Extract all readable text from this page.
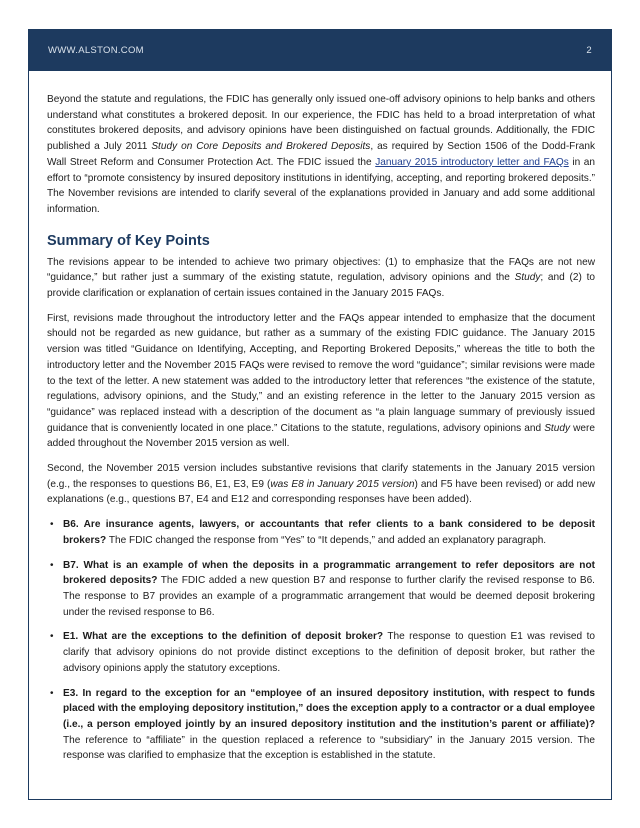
WWW.ALSTON.COM	2

Beyond the statute and regulations, the FDIC has generally only issued one-off advisory opinions to help banks and others understand what constitutes a brokered deposit. In our experience, the FDIC has held to a broad interpretation of what constitutes brokered deposits, and advisory opinions have been distinguished on factual grounds. Additionally, the FDIC published a July 2011 Study on Core Deposits and Brokered Deposits, as required by Section 1506 of the Dodd-Frank Wall Street Reform and Consumer Protection Act. The FDIC issued the January 2015 introductory letter and FAQs in an effort to “promote consistency by insured depository institutions in identifying, accepting, and reporting brokered deposits.” The November revisions are intended to clarify several of the explanations provided in January and add some additional information.

Summary of Key Points

The revisions appear to be intended to achieve two primary objectives: (1) to emphasize that the FAQs are not new “guidance,” but rather just a summary of the existing statute, regulation, advisory opinions and the Study; and (2) to provide clarification or explanation of certain issues contained in the January 2015 FAQs.

First, revisions made throughout the introductory letter and the FAQs appear intended to emphasize that the document should not be regarded as new guidance, but rather as a summary of the existing FDIC guidance. The January 2015 version was titled “Guidance on Identifying, Accepting, and Reporting Brokered Deposits,” whereas the title to both the introductory letter and the November 2015 FAQs were revised to remove the word “guidance”; similar revisions were made to the text of the letter. A new statement was added to the introductory letter that references “the existence of the statute, regulations, advisory opinions, and the Study,” and an existing reference in the letter to the January 2015 version as “guidance” was replaced instead with a description of the document as “a plain language summary of previously issued guidance that is conveniently located in one place.” Citations to the statute, regulations, advisory opinions and Study were added throughout the November 2015 version as well.

Second, the November 2015 version includes substantive revisions that clarify statements in the January 2015 version (e.g., the responses to questions B6, E1, E3, E9 (was E8 in January 2015 version) and F5 have been revised) or add new explanations (e.g., questions B7, E4 and E12 and corresponding responses have been added).

• B6. Are insurance agents, lawyers, or accountants that refer clients to a bank considered to be deposit brokers? The FDIC changed the response from “Yes” to “It depends,” and added an explanatory paragraph.
• B7. What is an example of when the deposits in a programmatic arrangement to refer depositors are not brokered deposits? The FDIC added a new question B7 and response to further clarify the revised response to B6. The response to B7 provides an example of a programmatic arrangement that would be deemed deposit brokering under the revised response to B6.
• E1. What are the exceptions to the definition of deposit broker? The response to question E1 was revised to clarify that advisory opinions do not provide distinct exceptions to the definition of deposit broker, but rather the advisory opinions apply the statutory exceptions.
• E3. In regard to the exception for an “employee of an insured depository institution, with respect to funds placed with the employing depository institution,” does the exception apply to a contractor or a dual employee (i.e., a person employed jointly by an insured depository institution and the institution’s parent or affiliate)? The reference to “affiliate” in the question replaced a reference to “subsidiary” in the January 2015 version. The response was clarified to emphasize that the exception is established in the statute.
